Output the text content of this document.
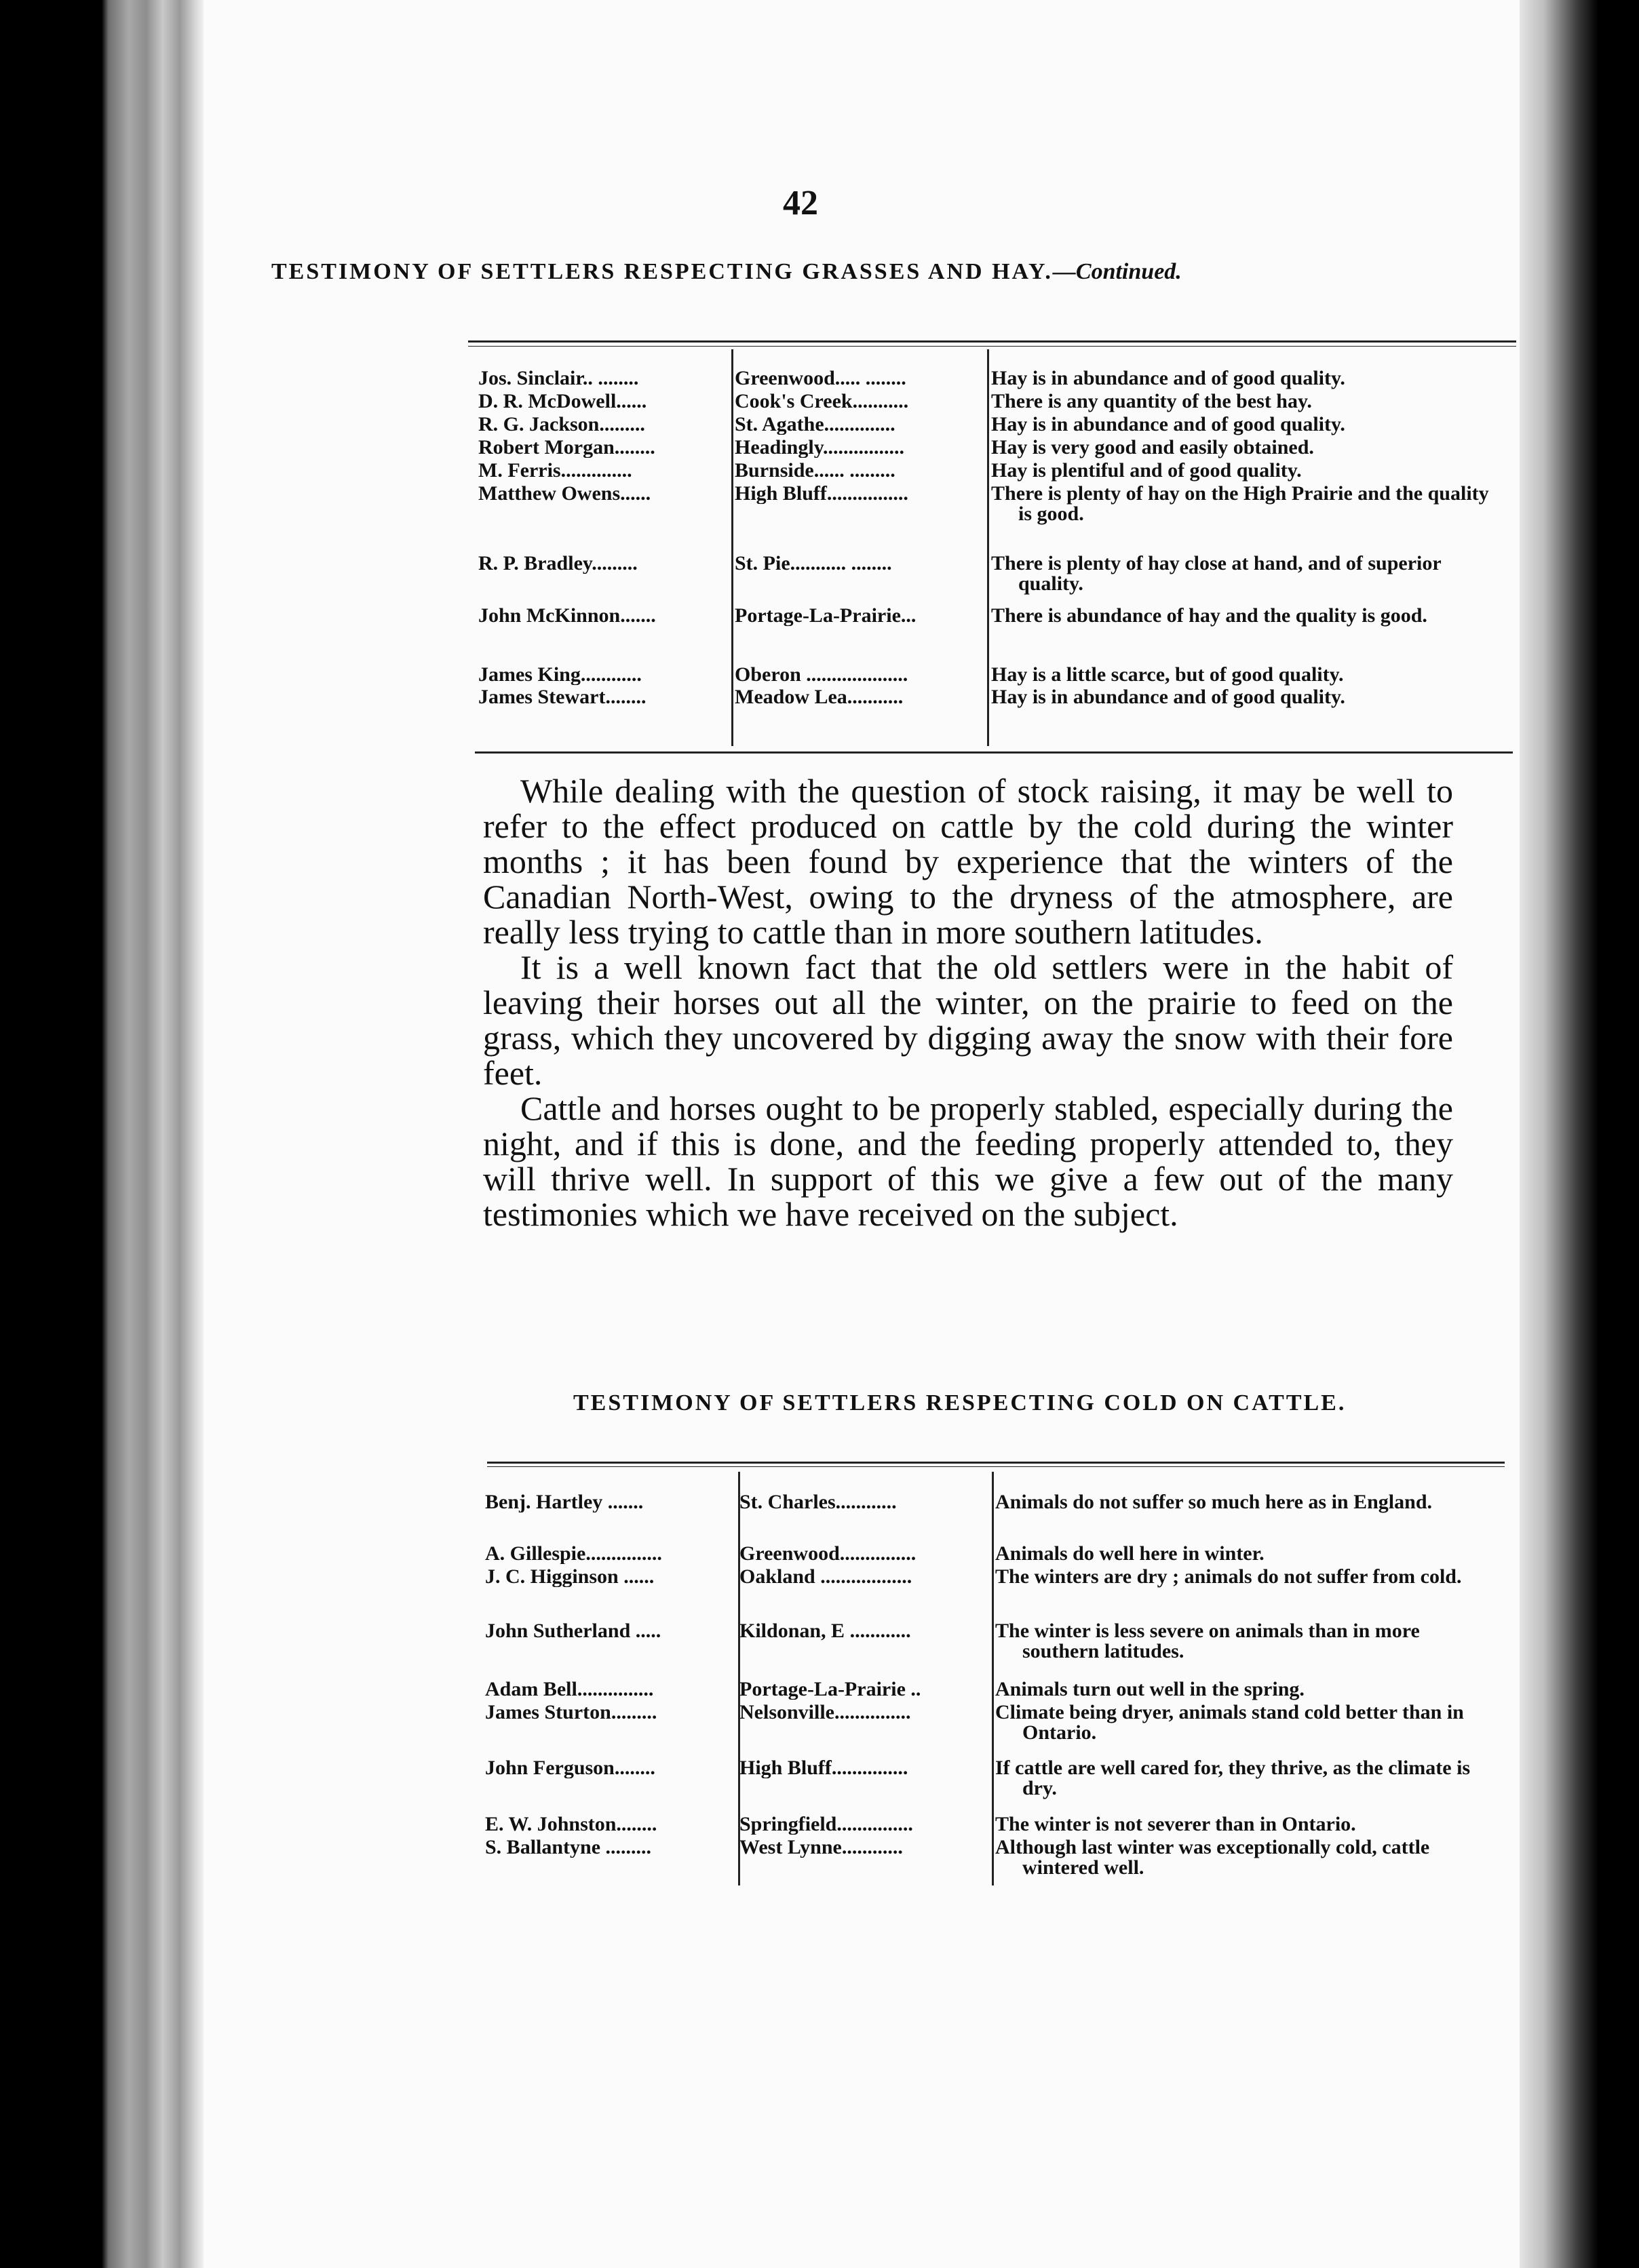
42
TESTIMONY OF SETTLERS RESPECTING GRASSES AND HAY.—Continued.
Jos. Sinclair.. ........	Greenwood..... ........	Hay is in abundance and of good quality.
D. R. McDowell......	Cook's Creek...........	There is any quantity of the best hay.
R. G. Jackson.........	St. Agathe..............	Hay is in abundance and of good quality.
Robert Morgan........	Headingly................	Hay is very good and easily obtained.
M. Ferris..............	Burnside...... .........	Hay is plentiful and of good quality.
Matthew Owens......	High Bluff................	There is plenty of hay on the High Prairie and the quality is good.
R. P. Bradley.........	St. Pie........... ........	There is plenty of hay close at hand, and of superior quality.
John McKinnon.......	Portage-La-Prairie...	There is abundance of hay and the quality is good.
James King............	Oberon ....................	Hay is a little scarce, but of good quality.
James Stewart........	Meadow Lea...........	Hay is in abundance and of good quality.

While dealing with the question of stock raising, it may be well to refer to the effect produced on cattle by the cold during the winter months ; it has been found by experience that the winters of the Canadian North-West, owing to the dryness of the atmosphere, are really less trying to cattle than in more southern latitudes.

It is a well known fact that the old settlers were in the habit of leaving their horses out all the winter, on the prairie to feed on the grass, which they uncovered by digging away the snow with their fore feet.

Cattle and horses ought to be properly stabled, especially during the night, and if this is done, and the feeding properly attended to, they will thrive well. In support of this we give a few out of the many testimonies which we have received on the subject.

TESTIMONY OF SETTLERS RESPECTING COLD ON CATTLE.
Benj. Hartley .......	St. Charles............	Animals do not suffer so much here as in England.
A. Gillespie...............	Greenwood...............	Animals do well here in winter.
J. C. Higginson ......	Oakland ..................	The winters are dry ; animals do not suffer from cold.
John Sutherland .....	Kildonan, E ............	The winter is less severe on animals than in more southern latitudes.
Adam Bell...............	Portage-La-Prairie ..	Animals turn out well in the spring.
James Sturton.........	Nelsonville...............	Climate being dryer, animals stand cold better than in Ontario.
John Ferguson........	High Bluff...............	If cattle are well cared for, they thrive, as the climate is dry.
E. W. Johnston........	Springfield...............	The winter is not severer than in Ontario.
S. Ballantyne .........	West Lynne............	Although last winter was exceptionally cold, cattle wintered well.
